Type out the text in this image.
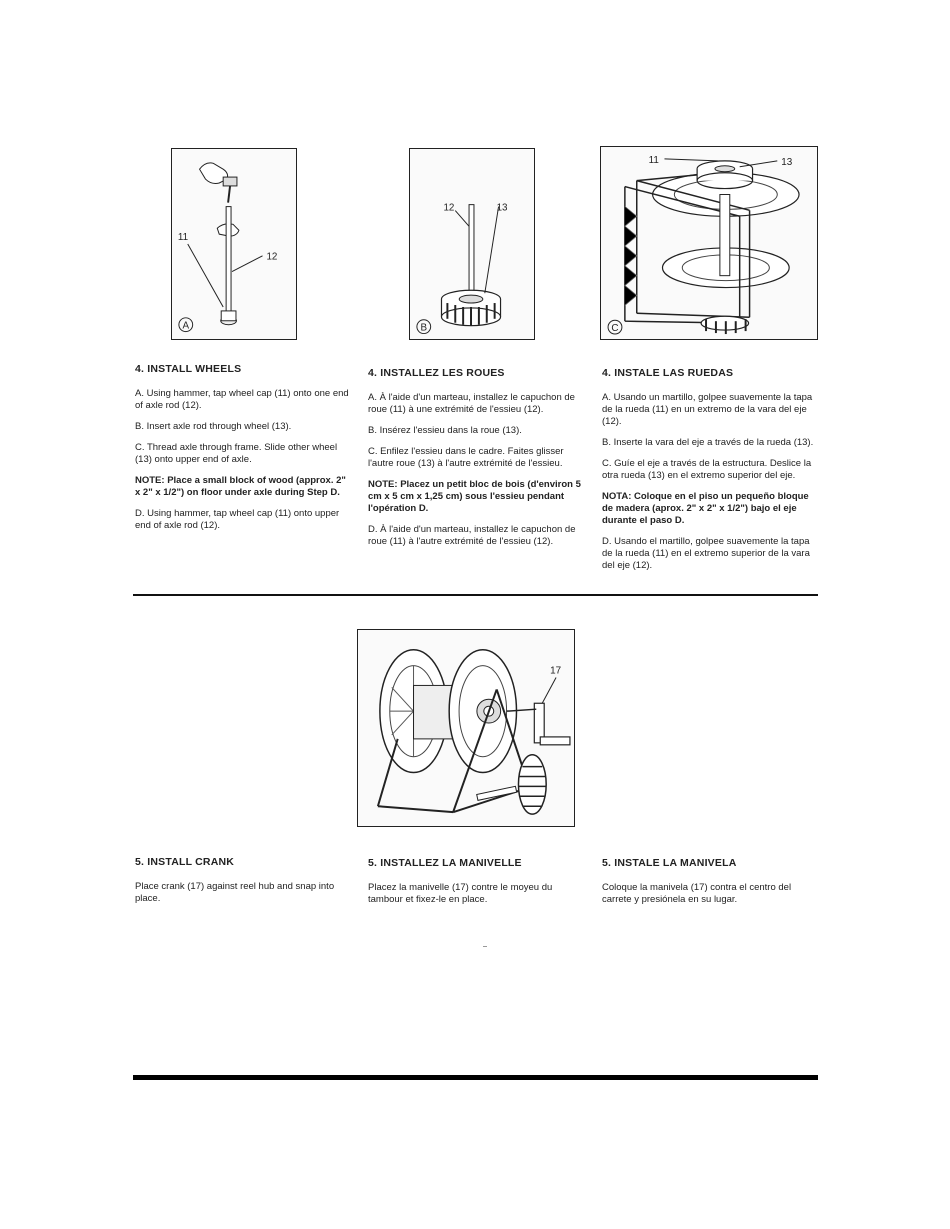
11
12
A
12	13
B
11	13
C
4. INSTALL WHEELS

A. Using hammer, tap wheel cap (11) onto one end of axle rod (12).

B. Insert axle rod through wheel (13).

C. Thread axle through frame. Slide other wheel (13) onto upper end of axle.

NOTE: Place a small block of wood (approx. 2" x 2" x 1/2") on floor under axle during Step D.

D. Using hammer, tap wheel cap (11) onto upper end of axle rod (12).

4. INSTALLEZ LES ROUES

A. À l'aide d'un marteau, installez le capuchon de roue (11) à une extrémité de l'essieu (12).

B. Insérez l'essieu dans la roue (13).

C. Enfilez l'essieu dans le cadre. Faites glisser l'autre roue (13) à l'autre extrémité de l'essieu.

NOTE: Placez un petit bloc de bois (d'environ 5 cm x 5 cm x 1,25 cm) sous l'essieu pendant l'opération D.

D. À l'aide d'un marteau, installez le capuchon de roue (11) à l'autre extrémité de l'essieu (12).

4. INSTALE LAS RUEDAS

A. Usando un martillo, golpee suavemente la tapa de la rueda (11) en un extremo de la vara del eje (12).

B. Inserte la vara del eje a través de la rueda (13).

C. Guíe el eje a través de la estructura. Deslice la otra rueda (13) en el extremo superior del eje.

NOTA: Coloque en el piso un pequeño bloque de madera (aprox. 2" x 2" x 1/2") bajo el eje durante el paso D.

D. Usando el martillo, golpee suavemente la tapa de la rueda (11) en el extremo superior de la vara del eje (12).

17
5. INSTALL CRANK

Place crank (17) against reel hub and snap into place.

5. INSTALLEZ LA MANIVELLE

Placez la manivelle (17) contre le moyeu du tambour et fixez-le en place.

5. INSTALE LA MANIVELA

Coloque la manivela (17) contra el centro del carrete y presiónela en su lugar.
